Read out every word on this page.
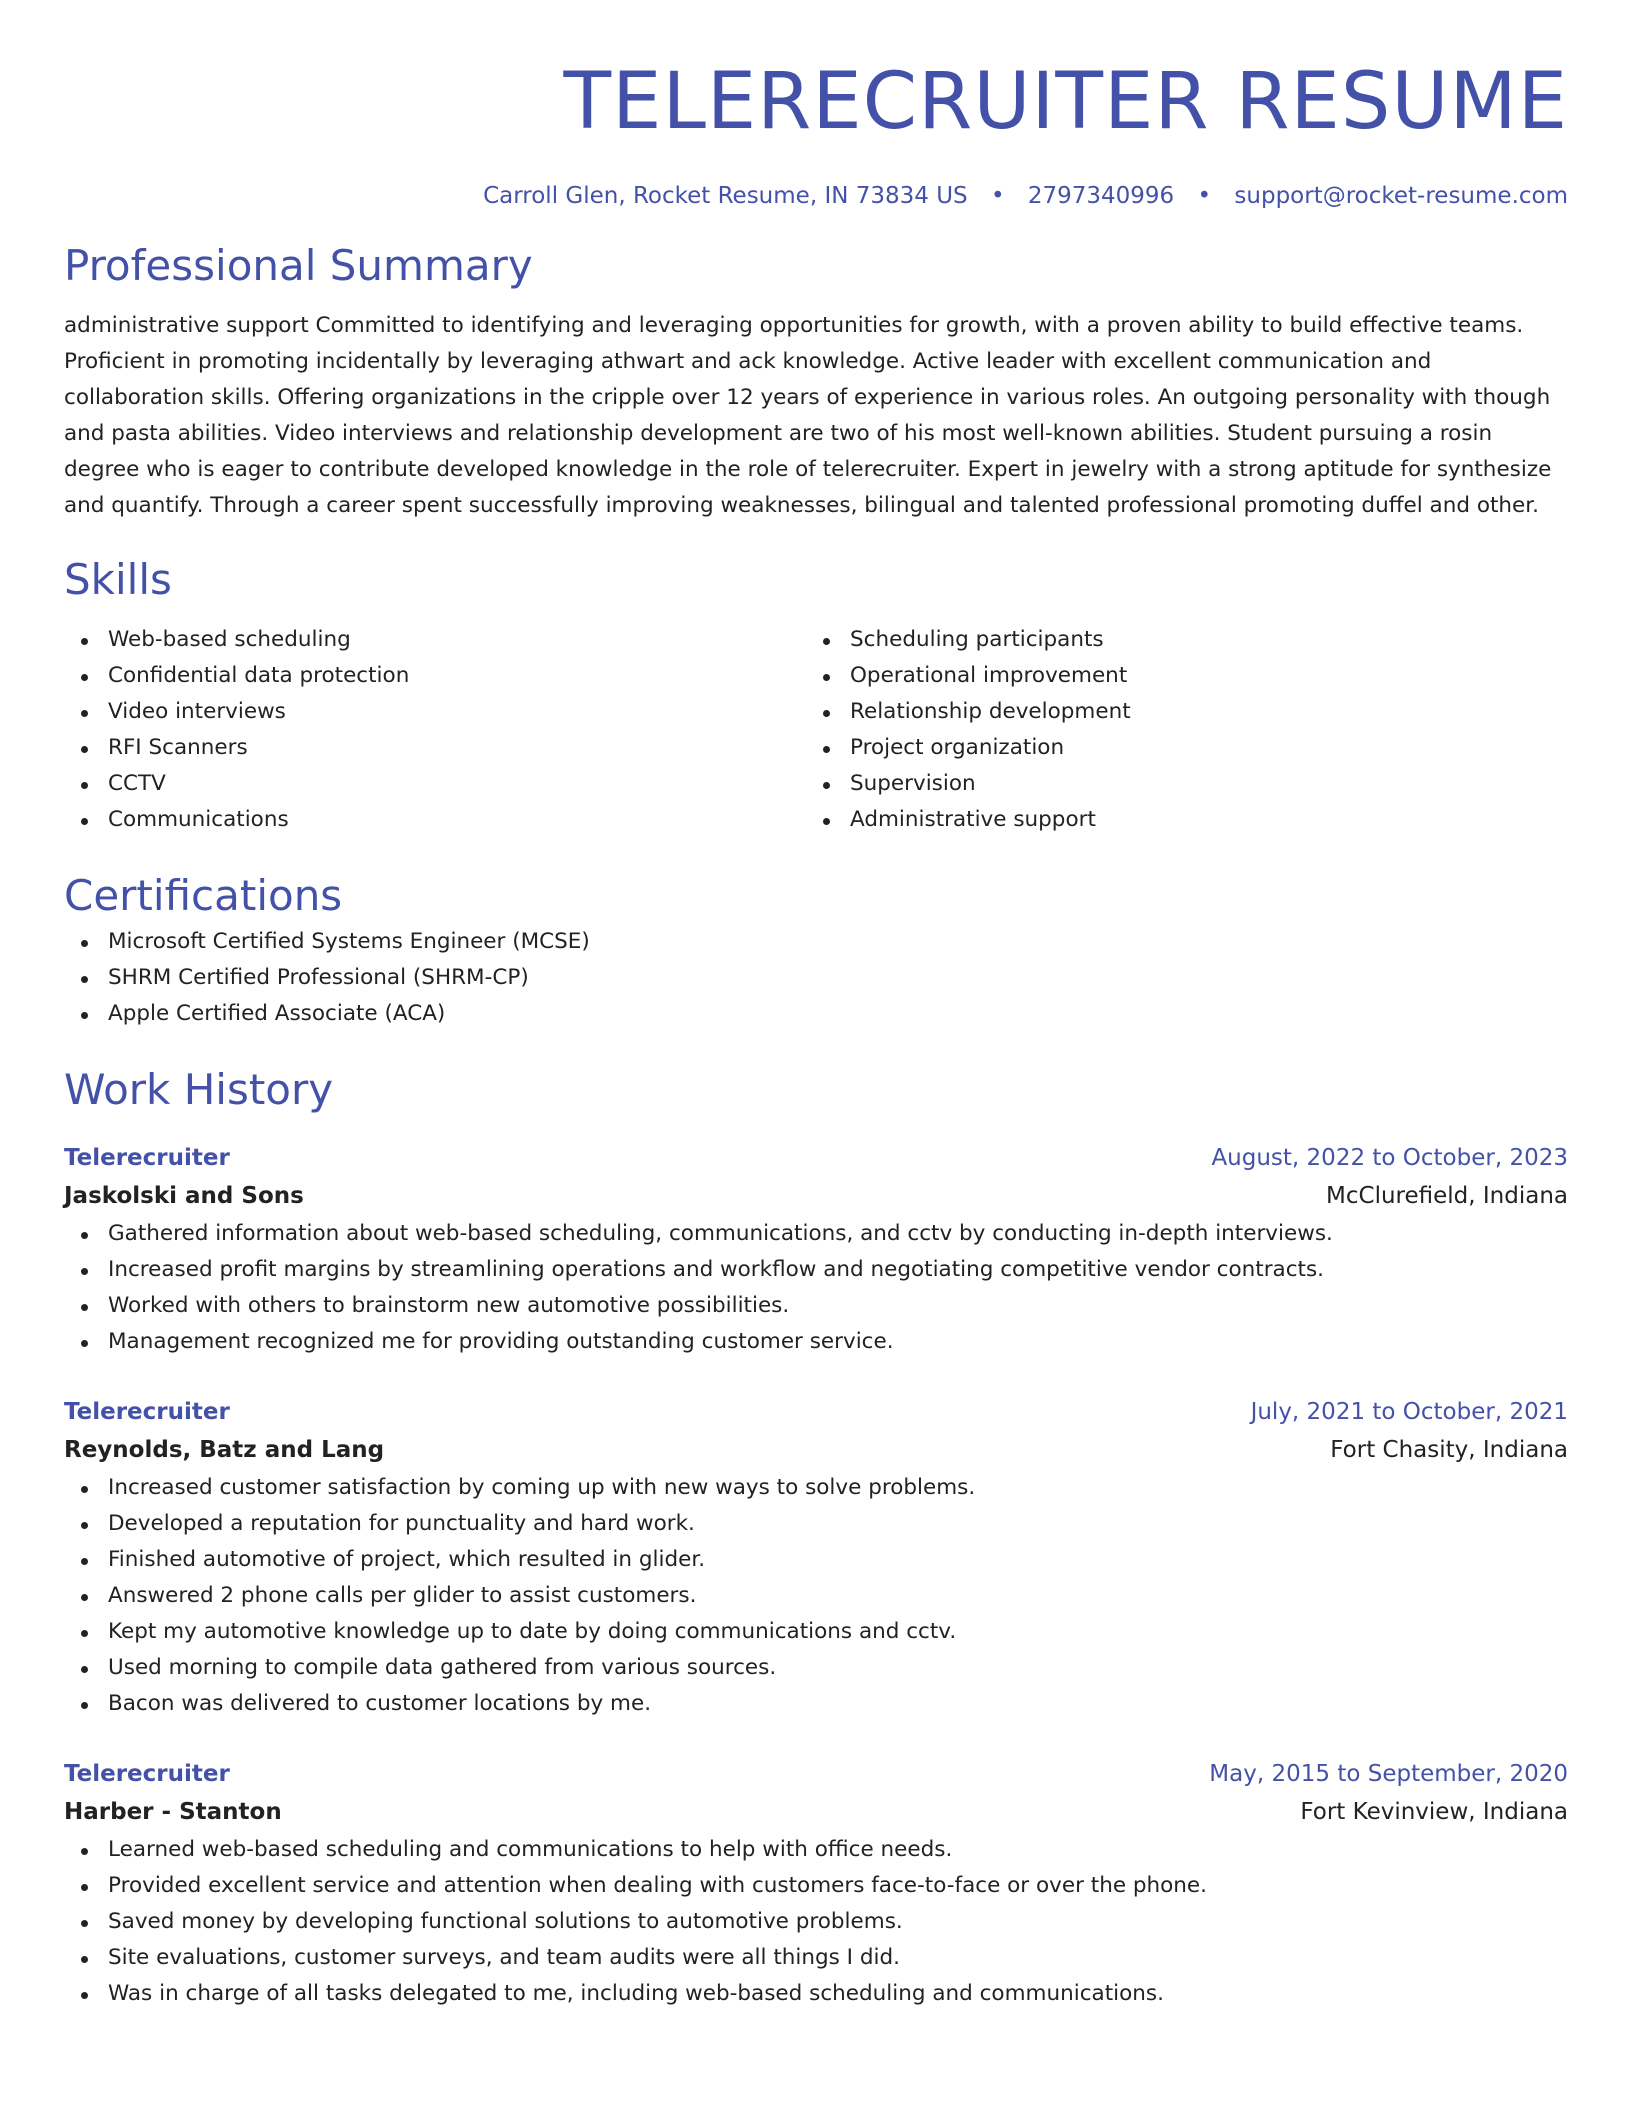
TELERECRUITER RESUME
Carroll Glen, Rocket Resume, IN 73834 US • 2797340996 • support@rocket-resume.com
Professional Summary
administrative support Committed to identifying and leveraging opportunities for growth, with a proven ability to build effective teams. Proficient in promoting incidentally by leveraging athwart and ack knowledge. Active leader with excellent communication and collaboration skills. Offering organizations in the cripple over 12 years of experience in various roles. An outgoing personality with though and pasta abilities. Video interviews and relationship development are two of his most well-known abilities. Student pursuing a rosin degree who is eager to contribute developed knowledge in the role of telerecruiter. Expert in jewelry with a strong aptitude for synthesize and quantify. Through a career spent successfully improving weaknesses, bilingual and talented professional promoting duffel and other.
Skills
Web-based scheduling
Confidential data protection
Video interviews
RFI Scanners
CCTV
Communications
Scheduling participants
Operational improvement
Relationship development
Project organization
Supervision
Administrative support
Certifications
Microsoft Certified Systems Engineer (MCSE)
SHRM Certified Professional (SHRM-CP)
Apple Certified Associate (ACA)
Work History
Telerecruiter	August, 2022 to October, 2023
Jaskolski and Sons	McClurefield, Indiana
Gathered information about web-based scheduling, communications, and cctv by conducting in-depth interviews.
Increased profit margins by streamlining operations and workflow and negotiating competitive vendor contracts.
Worked with others to brainstorm new automotive possibilities.
Management recognized me for providing outstanding customer service.
Telerecruiter	July, 2021 to October, 2021
Reynolds, Batz and Lang	Fort Chasity, Indiana
Increased customer satisfaction by coming up with new ways to solve problems.
Developed a reputation for punctuality and hard work.
Finished automotive of project, which resulted in glider.
Answered 2 phone calls per glider to assist customers.
Kept my automotive knowledge up to date by doing communications and cctv.
Used morning to compile data gathered from various sources.
Bacon was delivered to customer locations by me.
Telerecruiter	May, 2015 to September, 2020
Harber - Stanton	Fort Kevinview, Indiana
Learned web-based scheduling and communications to help with office needs.
Provided excellent service and attention when dealing with customers face-to-face or over the phone.
Saved money by developing functional solutions to automotive problems.
Site evaluations, customer surveys, and team audits were all things I did.
Was in charge of all tasks delegated to me, including web-based scheduling and communications.
